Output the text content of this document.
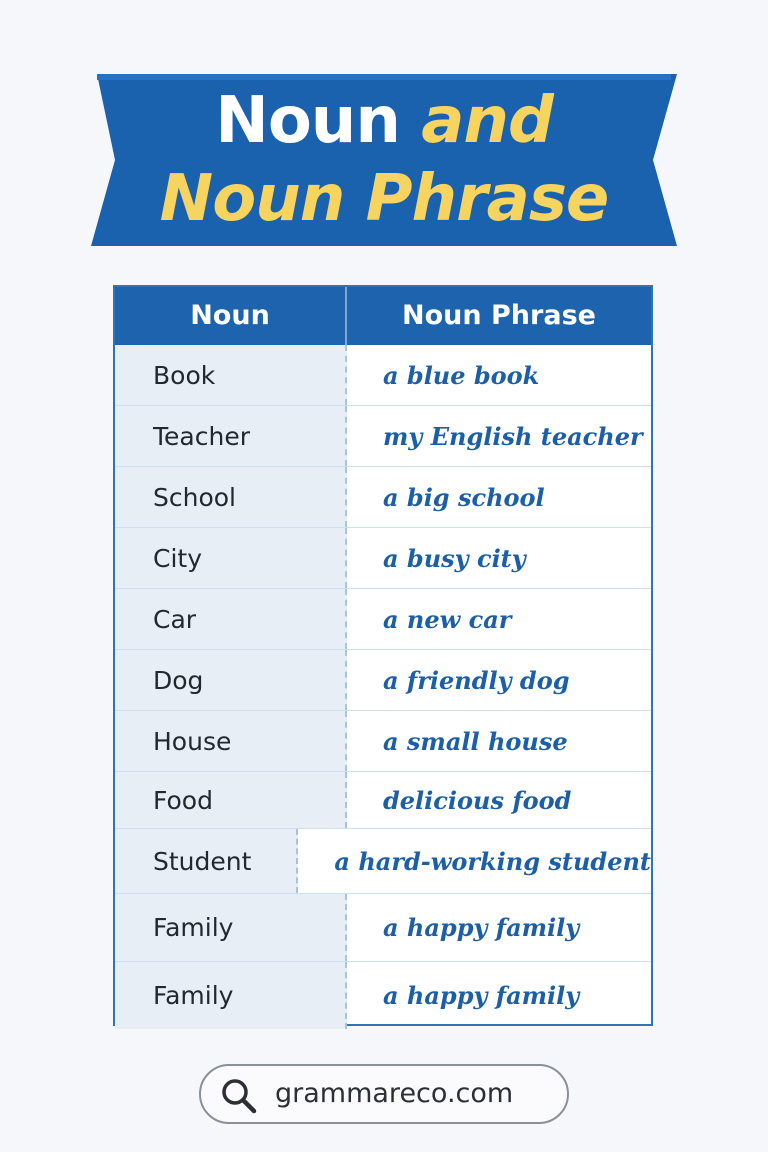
Noun and
Noun Phrase
Noun	Noun Phrase
Book	a blue book
Teacher	my English teacher
School	a big school
City	a busy city
Car	a new car
Dog	a friendly dog
House	a small house
Food	delicious food
Student	a hard-working student
Family	a happy family
Family	a happy family
grammareco.com
